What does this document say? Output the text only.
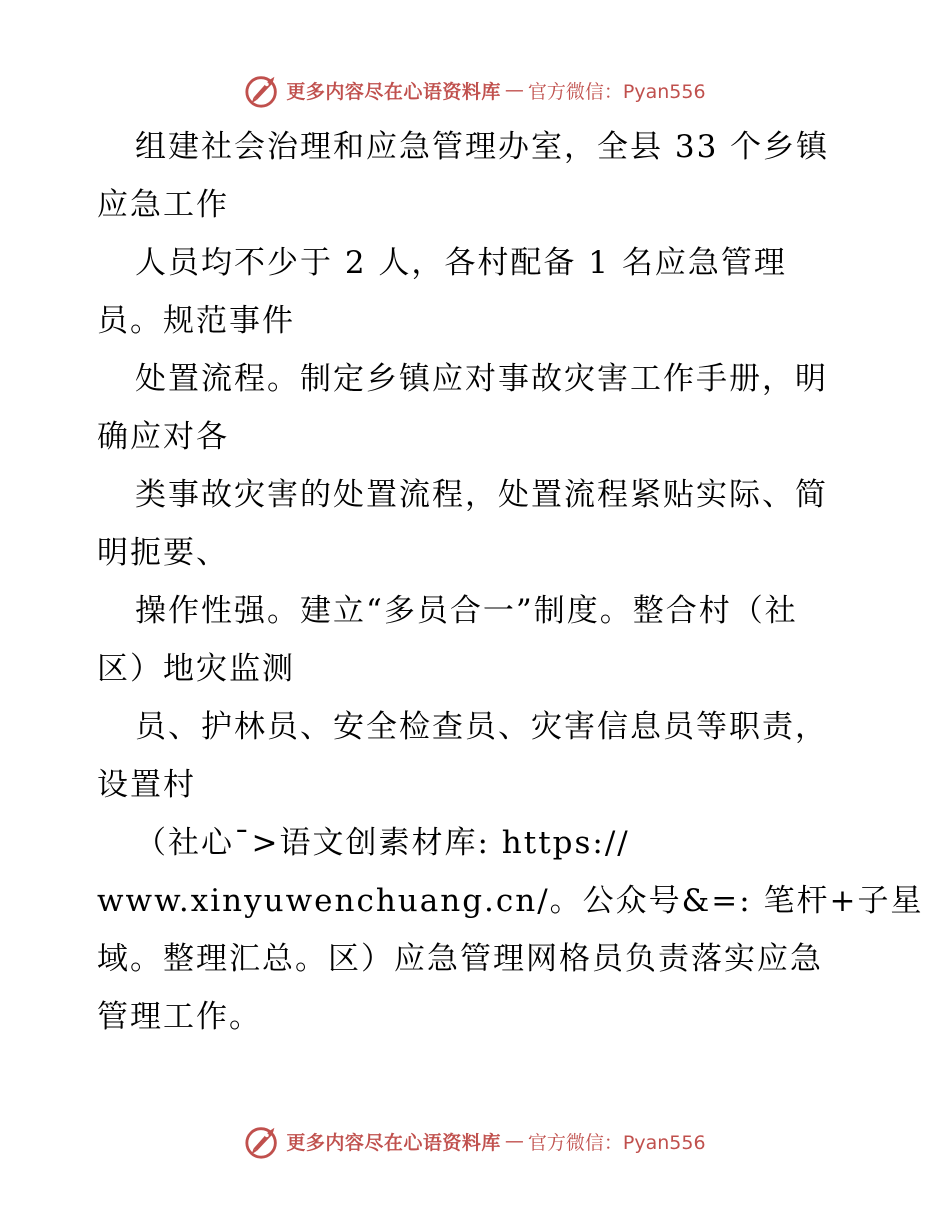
更多内容尽在心语资料库 — 官方微信：Pyan556
组建社会治理和应急管理办室，全县 33 个乡镇
应急工作
人员均不少于 2 人，各村配备 1 名应急管理
员。规范事件
处置流程。制定乡镇应对事故灾害工作手册，明
确应对各
类事故灾害的处置流程，处置流程紧贴实际、简
明扼要、
操作性强。建立“多员合一”制度。整合村（社
区）地灾监测
员、护林员、安全检查员、灾害信息员等职责，
设置村
（社心¯>语文创素材库: https://
www.xinyuwenchuang.cn/。公众号&=: 笔杆+子星
域。整理汇总。区）应急管理网格员负责落实应急
管理工作。
更多内容尽在心语资料库 — 官方微信：Pyan556
